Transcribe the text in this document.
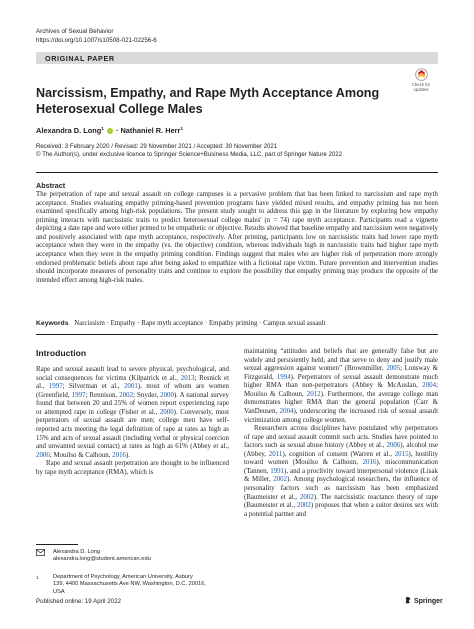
Archives of Sexual Behavior
https://doi.org/10.1007/s10508-021-02256-6
ORIGINAL PAPER
Check for
updates
Narcissism, Empathy, and Rape Myth Acceptance Among Heterosexual College Males
Alexandra D. Long$^1$ · Nathaniel R. Herr$^1$
Received: 3 February 2020 / Revised: 29 November 2021 / Accepted: 30 November 2021
© The Author(s), under exclusive licence to Springer Science+Business Media, LLC, part of Springer Nature 2022
Abstract

The perpetration of rape and sexual assault on college campuses is a pervasive problem that has been linked to narcissism and rape myth acceptance. Studies evaluating empathy priming-based prevention programs have yielded mixed results, and empathy priming has not been examined specifically among high-risk populations. The present study sought to address this gap in the literature by exploring how empathy priming interacts with narcissistic traits to predict heterosexual college males' (n = 74) rape myth acceptance. Participants read a vignette depicting a date rape and were either primed to be empathetic or objective. Results showed that baseline empathy and narcissism were negatively and positively associated with rape myth acceptance, respectively. After priming, participants low on narcissistic traits had lower rape myth acceptance when they were in the empathy (vs. the objective) condition, whereas individuals high in narcissistic traits had higher rape myth acceptance when they were in the empathy priming condition. Findings suggest that males who are higher risk of perpetration more strongly endorsed problematic beliefs about rape after being asked to empathize with a fictional rape victim. Future prevention and intervention studies should incorporate measures of personality traits and continue to explore the possibility that empathy priming may produce the opposite of the intended effect among high-risk males.

Keywords Narcissism · Empathy · Rape myth acceptance · Empathy priming · Campus sexual assault
Introduction

Rape and sexual assault lead to severe physical, psychological, and social consequences for victims (Kilpatrick et al., 2013; Resnick et al., 1997; Silverman et al., 2001), most of whom are women (Greenfield, 1997; Rennison, 2002; Snyder, 2000). A national survey found that between 20 and 25% of women report experiencing rape or attempted rape in college (Fisher et al., 2000). Conversely, most perpetrators of sexual assault are men; college men have self-reported acts meeting the legal definition of rape at rates as high as 15% and acts of sexual assault (including verbal or physical coercion and unwanted sexual contact) at rates as high as 61% (Abbey et al., 2006; Mouilso & Calhoun, 2016).

Rape and sexual assault perpetration are thought to be influenced by rape myth acceptance (RMA), which is

maintaining “attitudes and beliefs that are generally false but are widely and persistently held, and that serve to deny and justify male sexual aggression against women” (Brownmiller, 2005; Lonsway & Fitzgerald, 1994). Perpetrators of sexual assault demonstrate much higher RMA than non-perpetrators (Abbey & McAuslan, 2004; Mouilso & Calhoun, 2012). Furthermore, the average college man demonstrates higher RMA than the general population (Carr & VanDeusen, 2004), underscoring the increased risk of sexual assault victimization among college women.

Researchers across disciplines have postulated why perpetrators of rape and sexual assault commit such acts. Studies have pointed to factors such as sexual abuse history (Abbey et al., 2006), alcohol use (Abbey, 2011), cognition of consent (Warren et al., 2015), hostility toward women (Mouilso & Calhoun, 2016), miscommunication (Tannen, 1991), and a proclivity toward interpersonal violence (Lisak & Miller, 2002). Among psychological researchers, the influence of personality factors such as narcissism has been emphasized (Baumeister et al., 2002). The narcissistic reactance theory of rape (Baumeister et al., 2002) proposes that when a suitor desires sex with a potential partner and

Alexandra D. Long
alexandra.long@student.american.edu
1	Department of Psychology, American University, Asbury
139, 4400 Massachusetts Ave NW, Washington, D.C. 20016,
USA
Published online: 19 April 2022	Springer
